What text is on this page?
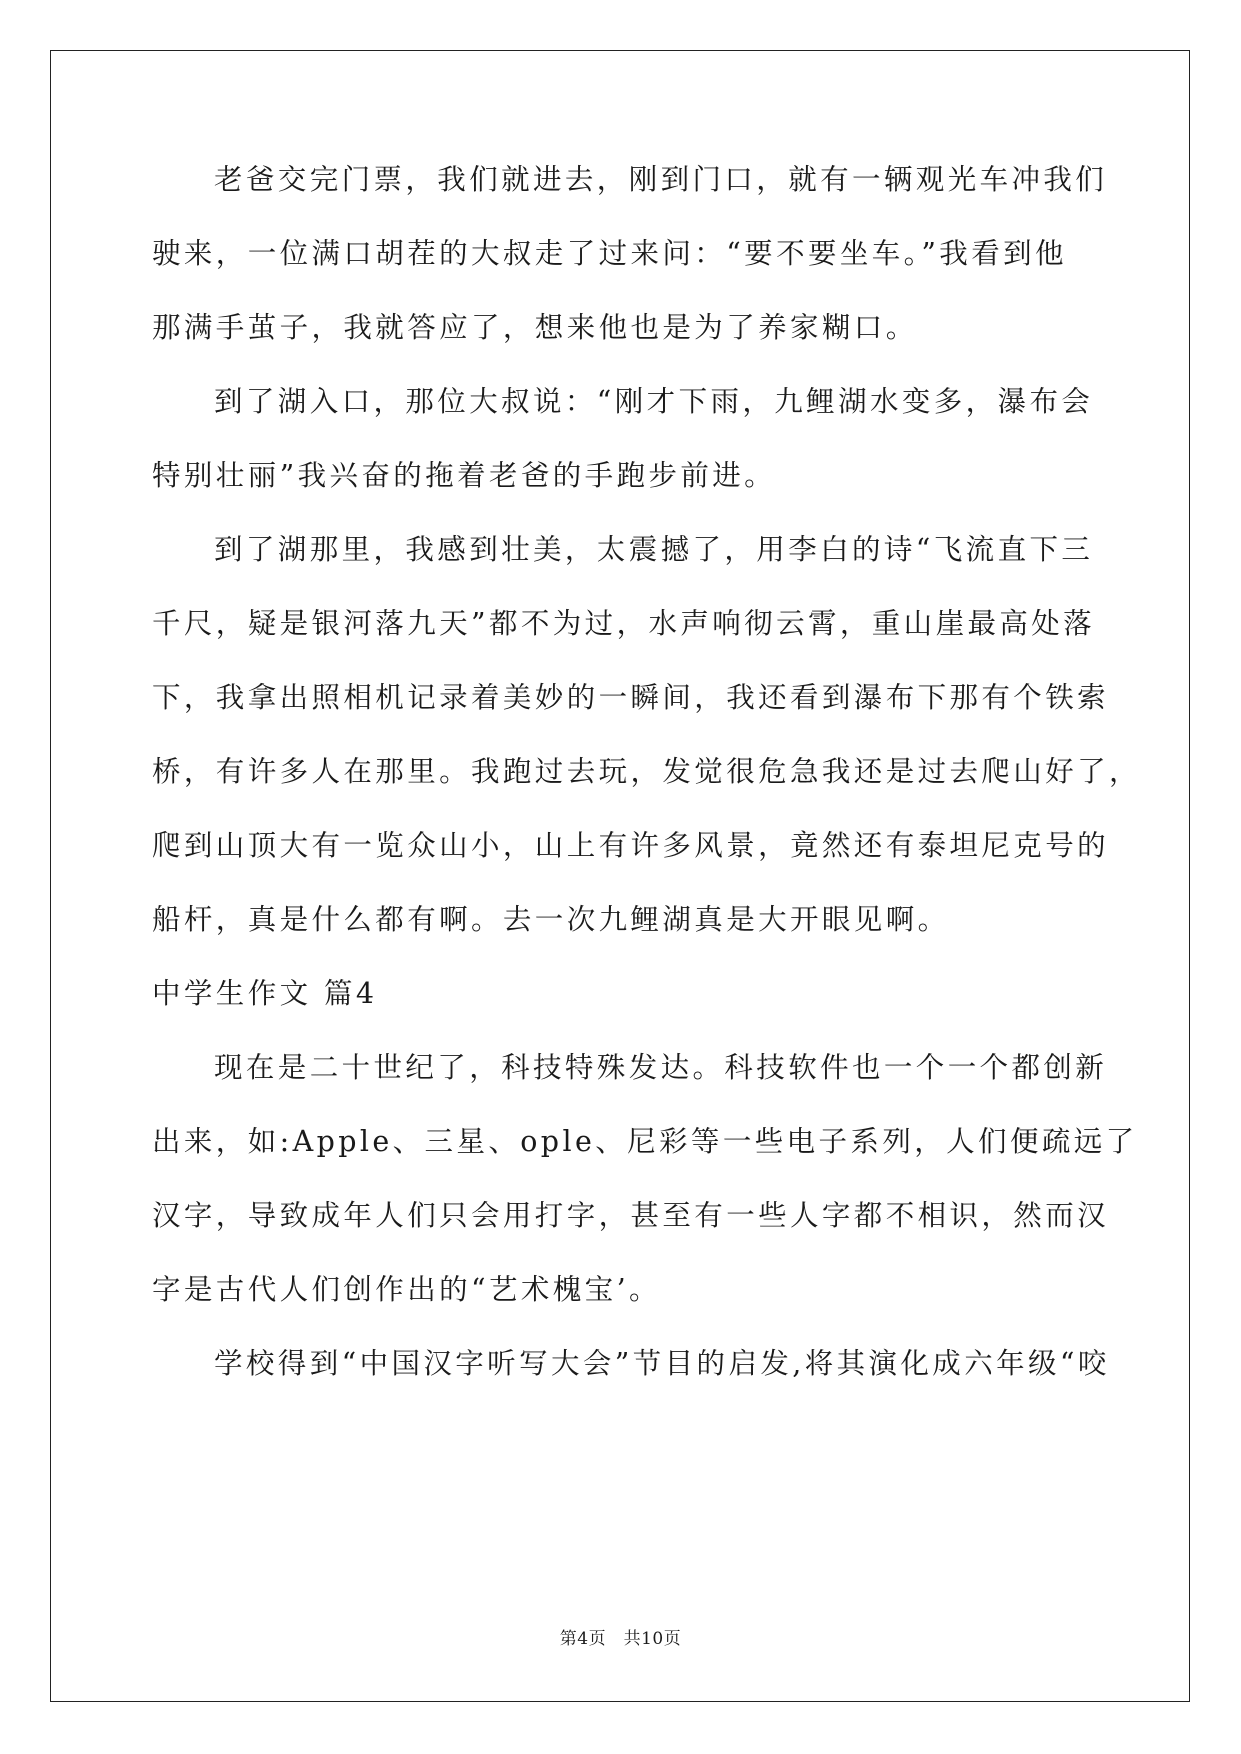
老爸交完门票，我们就进去，刚到门口，就有一辆观光车冲我们
驶来，一位满口胡茬的大叔走了过来问：“要不要坐车。”我看到他
那满手茧子，我就答应了，想来他也是为了养家糊口。
到了湖入口，那位大叔说：“刚才下雨，九鲤湖水变多，瀑布会
特别壮丽”我兴奋的拖着老爸的手跑步前进。
到了湖那里，我感到壮美，太震撼了，用李白的诗“飞流直下三
千尺，疑是银河落九天”都不为过，水声响彻云霄，重山崖最高处落
下，我拿出照相机记录着美妙的一瞬间，我还看到瀑布下那有个铁索
桥，有许多人在那里。我跑过去玩，发觉很危急我还是过去爬山好了，
爬到山顶大有一览众山小，山上有许多风景，竟然还有泰坦尼克号的
船杆，真是什么都有啊。去一次九鲤湖真是大开眼见啊。
中学生作文 篇4
现在是二十世纪了，科技特殊发达。科技软件也一个一个都创新
出来，如:Apple、三星、ople、尼彩等一些电子系列，人们便疏远了
汉字，导致成年人们只会用打字，甚至有一些人字都不相识，然而汉
字是古代人们创作出的“艺术槐宝’。
学校得到“中国汉字听写大会”节目的启发,将其演化成六年级“咬
第4页　共10页
